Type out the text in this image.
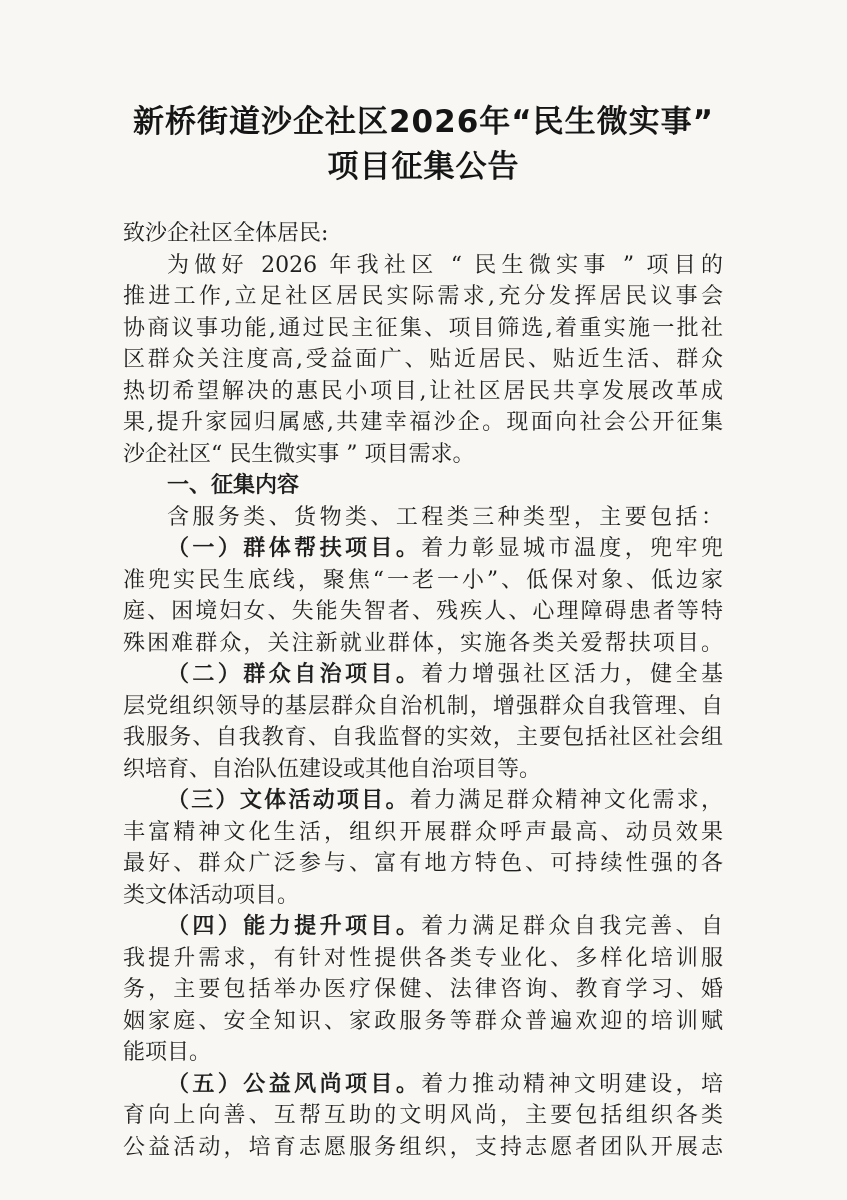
新桥街道沙企社区2026年“民生微实事”
项目征集公告
致沙企社区全体居民:
为做好 2026 年我社区 “ 民生微实事 ” 项目的
推进工作,立足社区居民实际需求,充分发挥居民议事会
协商议事功能,通过民主征集、项目筛选,着重实施一批社
区群众关注度高,受益面广、贴近居民、贴近生活、群众
热切希望解决的惠民小项目,让社区居民共享发展改革成
果,提升家园归属感,共建幸福沙企。现面向社会公开征集
沙企社区“ 民生微实事 ” 项目需求。
一、征集内容
含服务类、货物类、工程类三种类型，主要包括：
（一）群体帮扶项目。着力彰显城市温度，兜牢兜
准兜实民生底线，聚焦“一老一小”、低保对象、低边家
庭、困境妇女、失能失智者、残疾人、心理障碍患者等特
殊困难群众，关注新就业群体，实施各类关爱帮扶项目。
（二）群众自治项目。着力增强社区活力，健全基
层党组织领导的基层群众自治机制，增强群众自我管理、自
我服务、自我教育、自我监督的实效，主要包括社区社会组
织培育、自治队伍建设或其他自治项目等。
（三）文体活动项目。着力满足群众精神文化需求，
丰富精神文化生活，组织开展群众呼声最高、动员效果
最好、群众广泛参与、富有地方特色、可持续性强的各
类文体活动项目。
（四）能力提升项目。着力满足群众自我完善、自
我提升需求，有针对性提供各类专业化、多样化培训服
务，主要包括举办医疗保健、法律咨询、教育学习、婚
姻家庭、安全知识、家政服务等群众普遍欢迎的培训赋
能项目。
（五）公益风尚项目。着力推动精神文明建设，培
育向上向善、互帮互助的文明风尚，主要包括组织各类
公益活动，培育志愿服务组织，支持志愿者团队开展志
